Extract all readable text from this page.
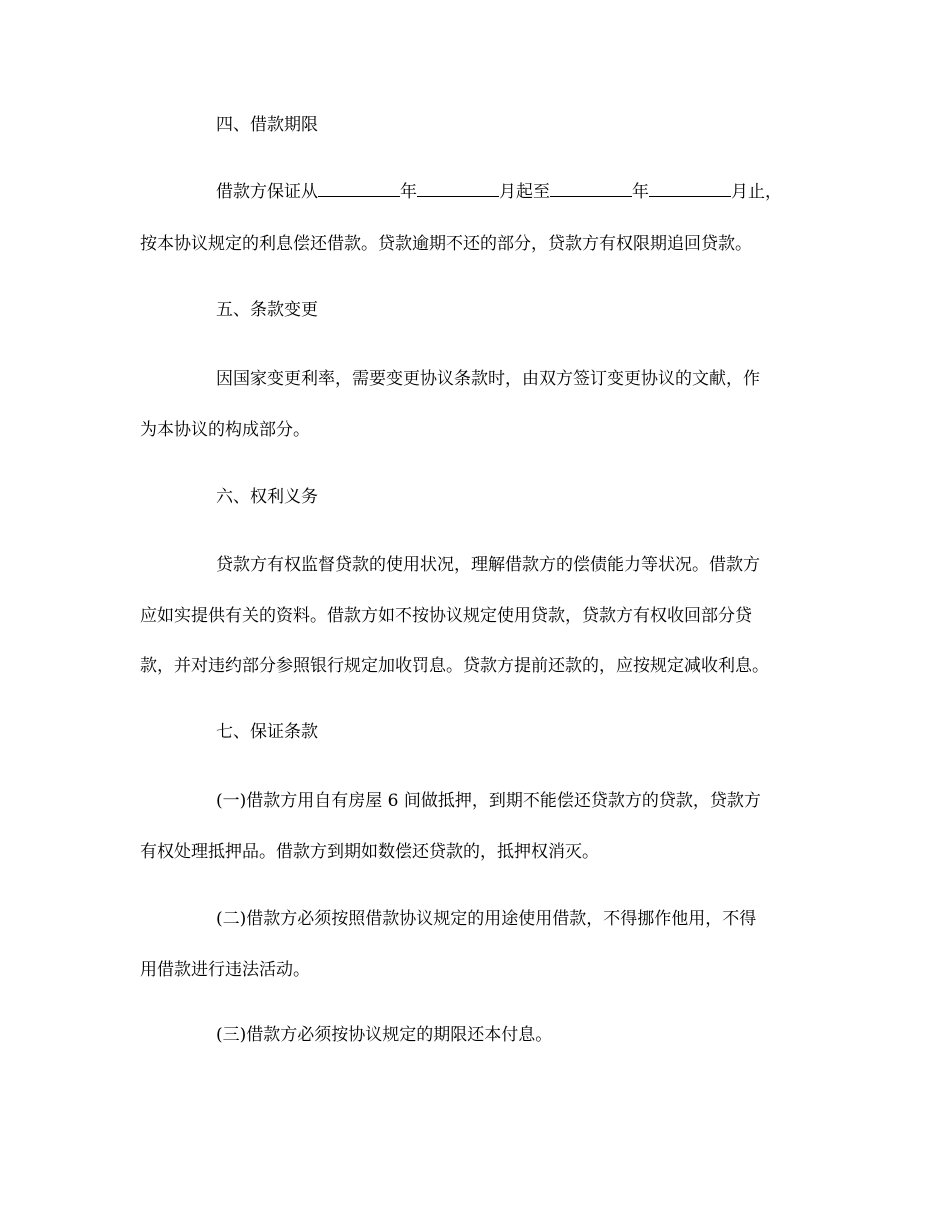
四、借款期限

借款方保证从	年	月起至	年	月止，

按本协议规定的利息偿还借款。贷款逾期不还的部分，贷款方有权限期追回贷款。

五、条款变更

因国家变更利率，需要变更协议条款时，由双方签订变更协议的文献，作

为本协议的构成部分。

六、权利义务

贷款方有权监督贷款的使用状况，理解借款方的偿债能力等状况。借款方

应如实提供有关的资料。借款方如不按协议规定使用贷款，贷款方有权收回部分贷

款，并对违约部分参照银行规定加收罚息。贷款方提前还款的，应按规定减收利息。

七、保证条款

(一)借款方用自有房屋 6 间做抵押，到期不能偿还贷款方的贷款，贷款方

有权处理抵押品。借款方到期如数偿还贷款的，抵押权消灭。

(二)借款方必须按照借款协议规定的用途使用借款，不得挪作他用，不得

用借款进行违法活动。

(三)借款方必须按协议规定的期限还本付息。
